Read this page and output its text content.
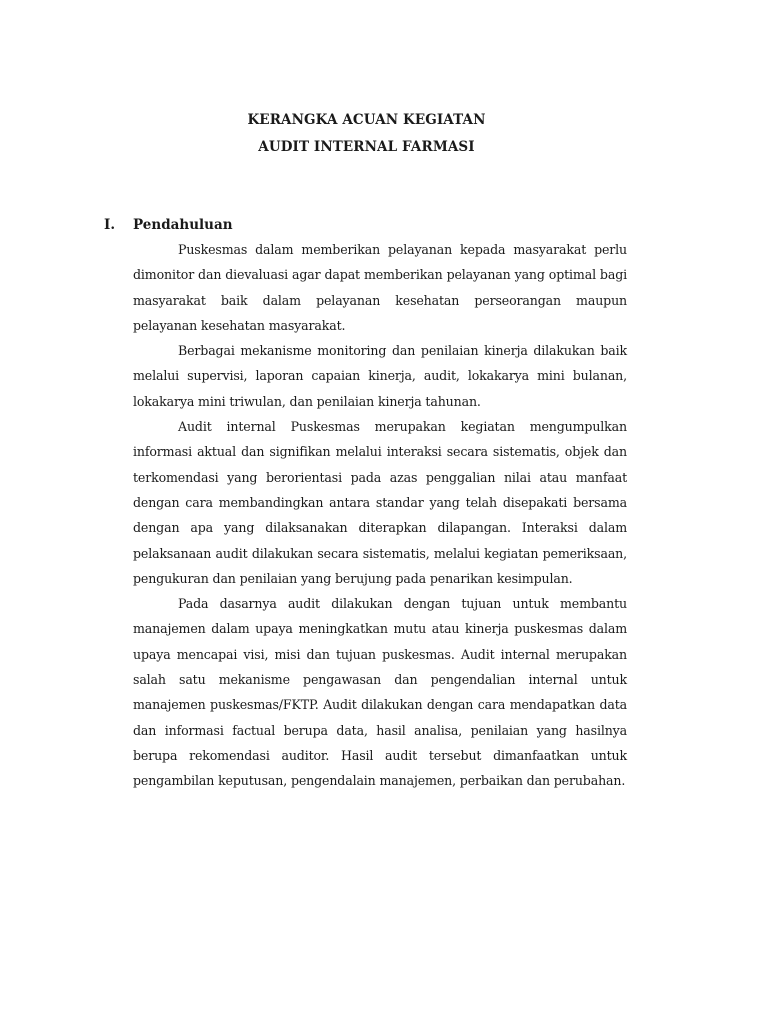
KERANGKA ACUAN KEGIATAN
AUDIT INTERNAL FARMASI
I.	Pendahuluan

Puskesmas dalam memberikan pelayanan kepada masyarakat perlu dimonitor dan dievaluasi agar dapat memberikan pelayanan yang optimal bagi masyarakat baik dalam pelayanan kesehatan perseorangan maupun pelayanan kesehatan masyarakat.

Berbagai mekanisme monitoring dan penilaian kinerja dilakukan baik melalui supervisi, laporan capaian kinerja, audit, lokakarya mini bulanan, lokakarya mini triwulan, dan penilaian kinerja tahunan.

Audit internal Puskesmas merupakan kegiatan mengumpulkan informasi aktual dan signifikan melalui interaksi secara sistematis, objek dan terkomendasi yang berorientasi pada azas penggalian nilai atau manfaat dengan cara membandingkan antara standar yang telah disepakati bersama dengan apa yang dilaksanakan diterapkan dilapangan. Interaksi dalam pelaksanaan audit dilakukan secara sistematis, melalui kegiatan pemeriksaan, pengukuran dan penilaian yang berujung pada penarikan kesimpulan.

Pada dasarnya audit dilakukan dengan tujuan untuk membantu manajemen dalam upaya meningkatkan mutu atau kinerja puskesmas dalam upaya mencapai visi, misi dan tujuan puskesmas. Audit internal merupakan salah satu mekanisme pengawasan dan pengendalian internal untuk manajemen puskesmas/FKTP. Audit dilakukan dengan cara mendapatkan data dan informasi factual berupa data, hasil analisa, penilaian yang hasilnya berupa rekomendasi auditor. Hasil audit tersebut dimanfaatkan untuk pengambilan keputusan, pengendalain manajemen, perbaikan dan perubahan.
